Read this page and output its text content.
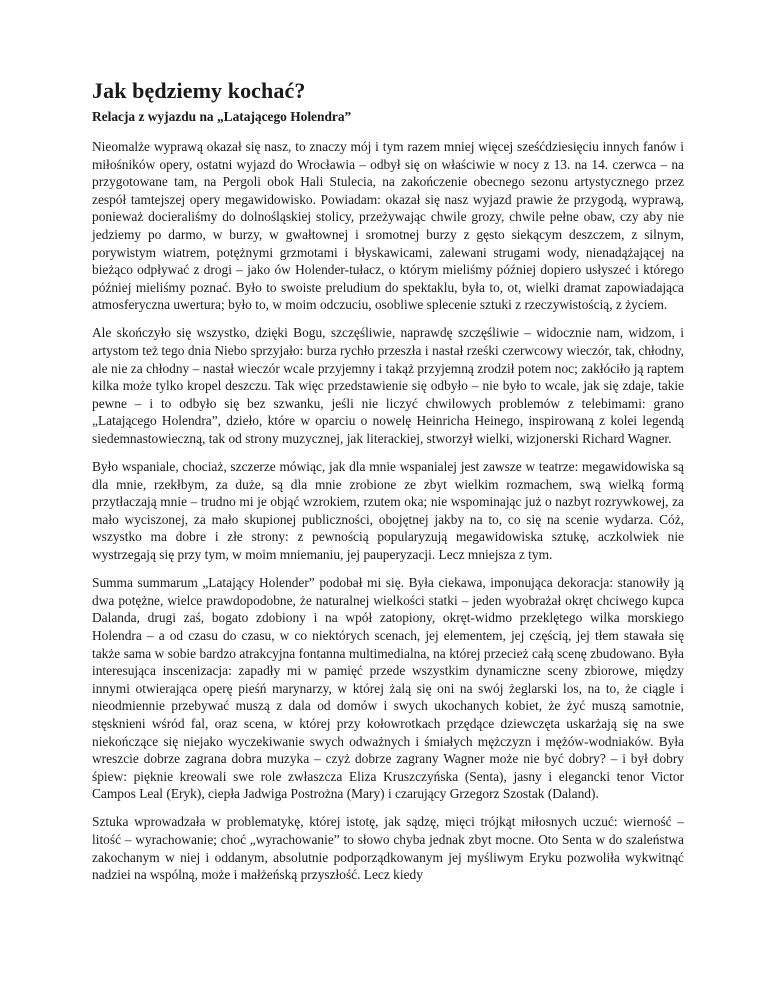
Jak będziemy kochać?
Relacja z wyjazdu na „Latającego Holendra”

Nieomalże wyprawą okazał się nasz, to znaczy mój i tym razem mniej więcej sześćdziesięciu innych fanów i miłośników opery, ostatni wyjazd do Wrocławia – odbył się on właściwie w nocy z 13. na 14. czerwca – na przygotowane tam, na Pergoli obok Hali Stulecia, na zakończenie obecnego sezonu artystycznego przez zespół tamtejszej opery megawidowisko. Powiadam: okazał się nasz wyjazd prawie że przygodą, wyprawą, ponieważ docieraliśmy do dolnośląskiej stolicy, przeżywając chwile grozy, chwile pełne obaw, czy aby nie jedziemy po darmo, w burzy, w gwałtownej i sromotnej burzy z gęsto siekącym deszczem, z silnym, porywistym wiatrem, potężnymi grzmotami i błyskawicami, zalewani strugami wody, nienadążającej na bieżąco odpływać z drogi – jako ów Holender-tułacz, o którym mieliśmy później dopiero usłyszeć i którego później mieliśmy poznać. Było to swoiste preludium do spektaklu, była to, ot, wielki dramat zapowiadająca atmosferyczna uwertura; było to, w moim odczuciu, osobliwe splecenie sztuki z rzeczywistością, z życiem.

Ale skończyło się wszystko, dzięki Bogu, szczęśliwie, naprawdę szczęśliwie – widocznie nam, widzom, i artystom też tego dnia Niebo sprzyjało: burza rychło przeszła i nastał rześki czerwcowy wieczór, tak, chłodny, ale nie za chłodny – nastał wieczór wcale przyjemny i takąż przyjemną zrodził potem noc; zakłóciło ją raptem kilka może tylko kropel deszczu. Tak więc przedstawienie się odbyło – nie było to wcale, jak się zdaje, takie pewne – i to odbyło się bez szwanku, jeśli nie liczyć chwilowych problemów z telebimami: grano „Latającego Holendra”, dzieło, które w oparciu o nowelę Heinricha Heinego, inspirowaną z kolei legendą siedemnastowieczną, tak od strony muzycznej, jak literackiej, stworzył wielki, wizjonerski Richard Wagner.

Było wspaniale, chociaż, szczerze mówiąc, jak dla mnie wspanialej jest zawsze w teatrze: megawidowiska są dla mnie, rzekłbym, za duże, są dla mnie zrobione ze zbyt wielkim rozmachem, swą wielką formą przytłaczają mnie – trudno mi je objąć wzrokiem, rzutem oka; nie wspominając już o nazbyt rozrywkowej, za mało wyciszonej, za mało skupionej publiczności, obojętnej jakby na to, co się na scenie wydarza. Cóż, wszystko ma dobre i złe strony: z pewnością popularyzują megawidowiska sztukę, aczkolwiek nie wystrzegają się przy tym, w moim mniemaniu, jej pauperyzacji. Lecz mniejsza z tym.

Summa summarum „Latający Holender” podobał mi się. Była ciekawa, imponująca dekoracja: stanowiły ją dwa potężne, wielce prawdopodobne, że naturalnej wielkości statki – jeden wyobrażał okręt chciwego kupca Dalanda, drugi zaś, bogato zdobiony i na wpół zatopiony, okręt-widmo przeklętego wilka morskiego Holendra – a od czasu do czasu, w co niektórych scenach, jej elementem, jej częścią, jej tłem stawała się także sama w sobie bardzo atrakcyjna fontanna multimedialna, na której przecież całą scenę zbudowano. Była interesująca inscenizacja: zapadły mi w pamięć przede wszystkim dynamiczne sceny zbiorowe, między innymi otwierająca operę pieśń marynarzy, w której żalą się oni na swój żeglarski los, na to, że ciągle i nieodmiennie przebywać muszą z dala od domów i swych ukochanych kobiet, że żyć muszą samotnie, stęsknieni wśród fal, oraz scena, w której przy kołowrotkach przędące dziewczęta uskarżają się na swe niekończące się niejako wyczekiwanie swych odważnych i śmiałych mężczyzn i mężów-wodniaków. Była wreszcie dobrze zagrana dobra muzyka – czyż dobrze zagrany Wagner może nie być dobry? – i był dobry śpiew: pięknie kreowali swe role zwłaszcza Eliza Kruszczyńska (Senta), jasny i elegancki tenor Victor Campos Leal (Eryk), ciepła Jadwiga Postrożna (Mary) i czarujący Grzegorz Szostak (Daland).

Sztuka wprowadzała w problematykę, której istotę, jak sądzę, mięci trójkąt miłosnych uczuć: wierność – litość – wyrachowanie; choć „wyrachowanie” to słowo chyba jednak zbyt mocne. Oto Senta w do szaleństwa zakochanym w niej i oddanym, absolutnie podporządkowanym jej myśliwym Eryku pozwoliła wykwitnąć nadziei na wspólną, może i małżeńską przyszłość. Lecz kiedy
